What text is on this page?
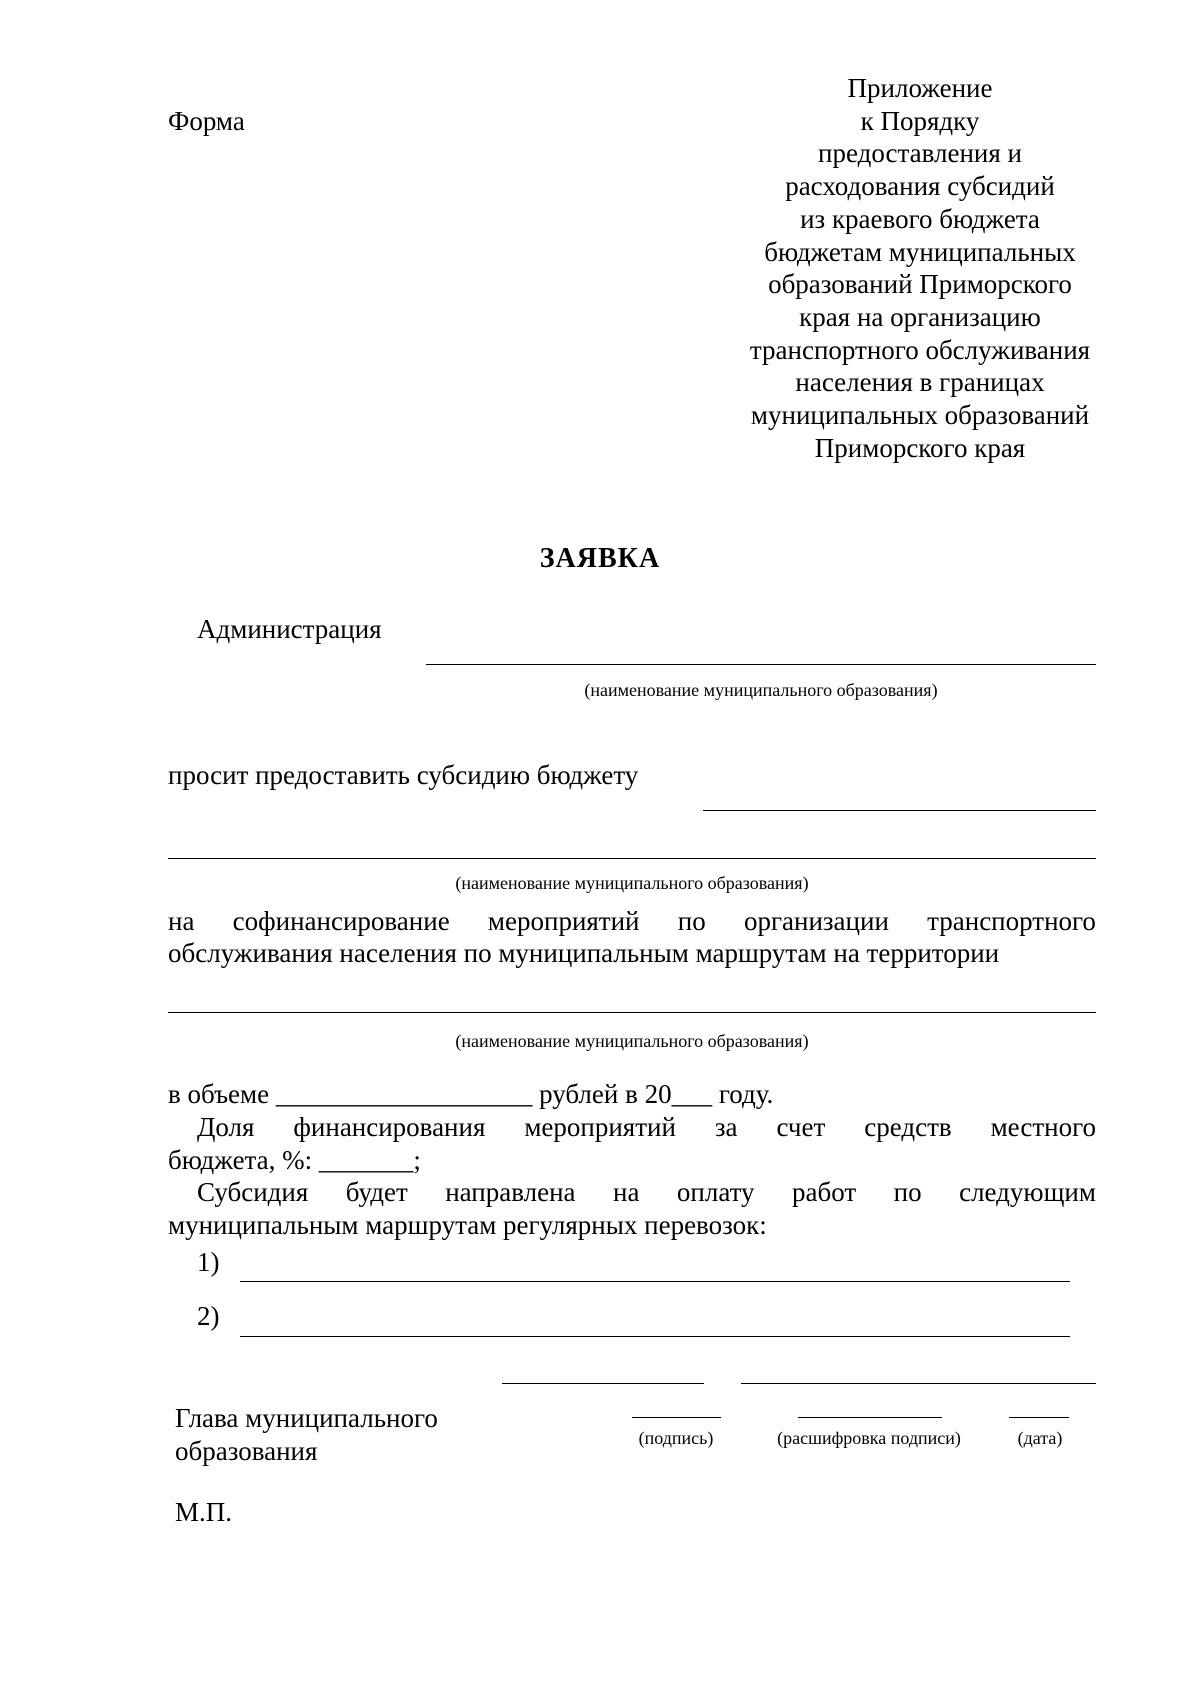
Форма
Приложение
к Порядку
предоставления и
расходования субсидий
из краевого бюджета
бюджетам муниципальных
образований Приморского
края на организацию
транспортного обслуживания
населения в границах
муниципальных образований
Приморского края
ЗАЯВКА
Администрация
(наименование муниципального образования)
просит предоставить субсидию бюджету
(наименование муниципального образования)
на софинансирование мероприятий по организации транспортного
обслуживания населения по муниципальным маршрутам на территории
(наименование муниципального образования)
в объеме ___________________ рублей в 20___ году.
Доля финансирования мероприятий за счет средств местного
бюджета, %: _______;
Субсидия будет направлена на оплату работ по следующим
муниципальным маршрутам регулярных перевозок:
1)
2)
Глава муниципального
образования	(подпись)	(расшифровка подписи)	(дата)
М.П.
